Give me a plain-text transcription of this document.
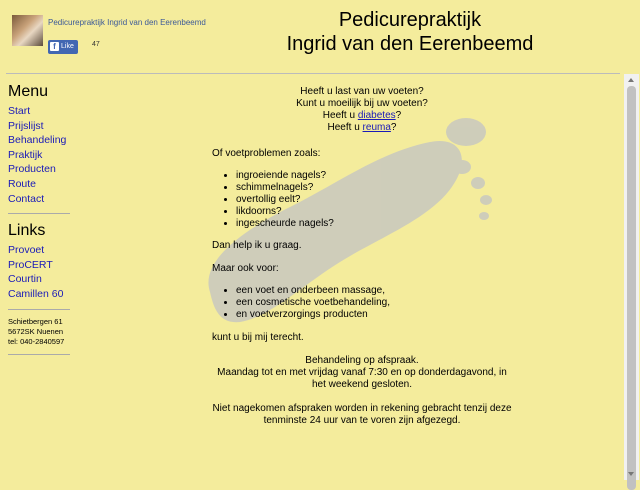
Pedicurepraktijk Ingrid van den Eerenbeemd
f Like	47
Pedicurepraktijk
Ingrid van den Eerenbeemd
Menu
Start
Prijslijst
Behandeling
Praktijk
Producten
Route
Contact
Links
Provoet
ProCERT
Courtin
Camillen 60
Schietbergen 61
5672SK Nuenen
tel: 040-2840597
Heeft u last van uw voeten?
Kunt u moeilijk bij uw voeten?
Heeft u diabetes?
Heeft u reuma?

Of voetproblemen zoals:

• ingroeiende nagels?
• schimmelnagels?
• overtollig eelt?
• likdoorns?
• ingescheurde nagels?

Dan help ik u graag.

Maar ook voor:

• een voet en onderbeen massage,
• een cosmetische voetbehandeling,
• en voetverzorgings producten

kunt u bij mij terecht.

Behandeling op afspraak.
Maandag tot en met vrijdag vanaf 7:30 en op donderdagavond, in het weekend gesloten.
Niet nagekomen afspraken worden in rekening gebracht tenzij deze tenminste 24 uur van te voren zijn afgezegd.
